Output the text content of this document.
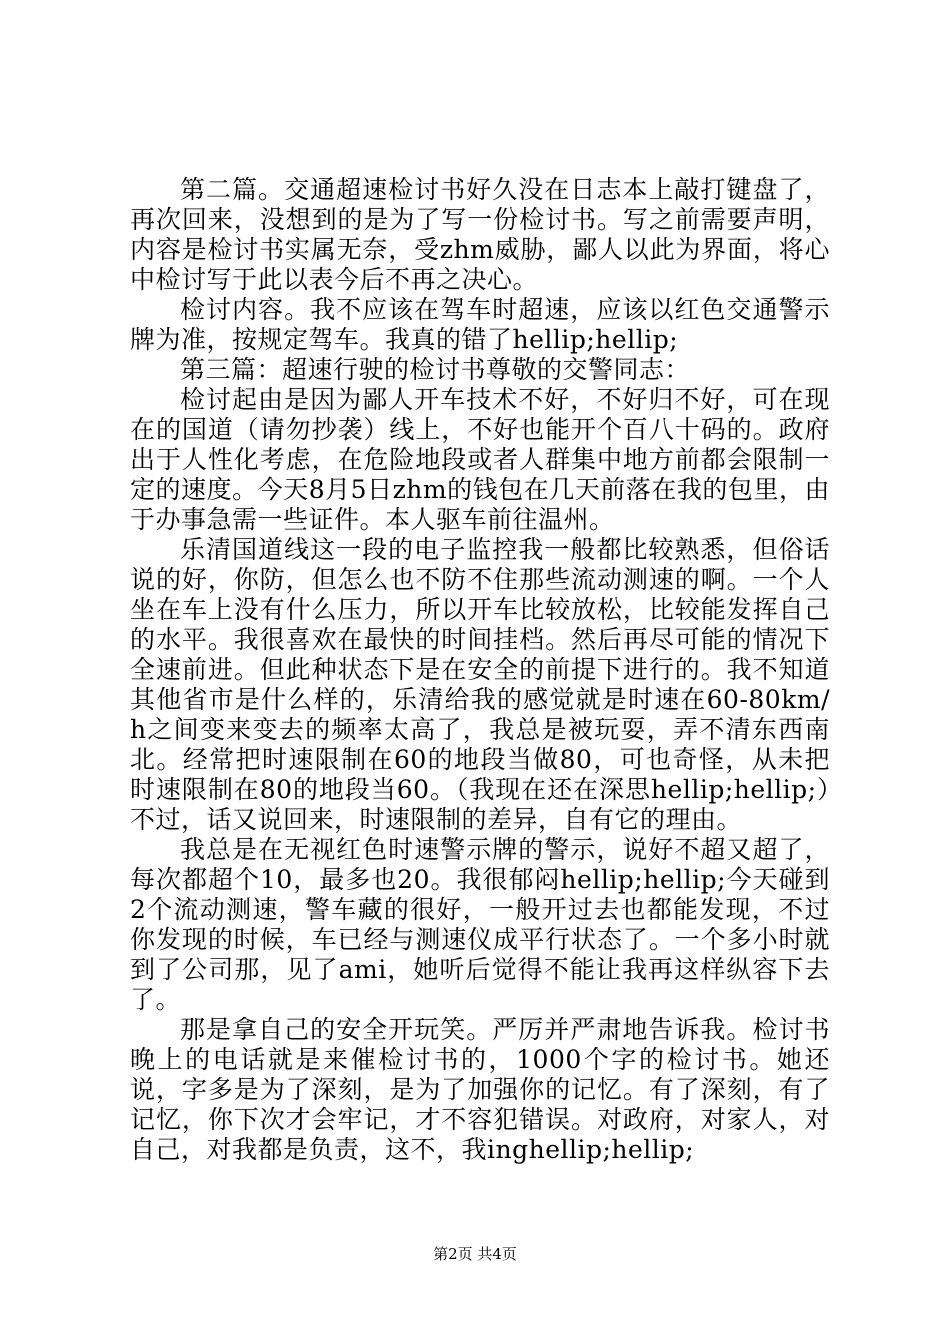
第二篇。交通超速检讨书好久没在日志本上敲打键盘了，再次回来，没想到的是为了写一份检讨书。写之前需要声明，内容是检讨书实属无奈，受zhm威胁，鄙人以此为界面，将心中检讨写于此以表今后不再之决心。

检讨内容。我不应该在驾车时超速，应该以红色交通警示牌为准，按规定驾车。我真的错了hellip;hellip;

第三篇：超速行驶的检讨书尊敬的交警同志：

检讨起由是因为鄙人开车技术不好，不好归不好，可在现在的国道（请勿抄袭）线上，不好也能开个百八十码的。政府出于人性化考虑，在危险地段或者人群集中地方前都会限制一定的速度。今天8月5日zhm的钱包在几天前落在我的包里，由于办事急需一些证件。本人驱车前往温州。

乐清国道线这一段的电子监控我一般都比较熟悉，但俗话说的好，你防，但怎么也不防不住那些流动测速的啊。一个人坐在车上没有什么压力，所以开车比较放松，比较能发挥自己的水平。我很喜欢在最快的时间挂档。然后再尽可能的情况下全速前进。但此种状态下是在安全的前提下进行的。我不知道其他省市是什么样的，乐清给我的感觉就是时速在60-80km/h之间变来变去的频率太高了，我总是被玩耍，弄不清东西南北。经常把时速限制在60的地段当做80，可也奇怪，从未把时速限制在80的地段当60。（我现在还在深思hellip;hellip;）不过，话又说回来，时速限制的差异，自有它的理由。

我总是在无视红色时速警示牌的警示，说好不超又超了，每次都超个10，最多也20。我很郁闷hellip;hellip;今天碰到2个流动测速，警车藏的很好，一般开过去也都能发现，不过你发现的时候，车已经与测速仪成平行状态了。一个多小时就到了公司那，见了ami，她听后觉得不能让我再这样纵容下去了。

那是拿自己的安全开玩笑。严厉并严肃地告诉我。检讨书晚上的电话就是来催检讨书的，1000个字的检讨书。她还说，字多是为了深刻，是为了加强你的记忆。有了深刻，有了记忆，你下次才会牢记，才不容犯错误。对政府，对家人，对自己，对我都是负责，这不，我inghellip;hellip;

第2页 共4页
